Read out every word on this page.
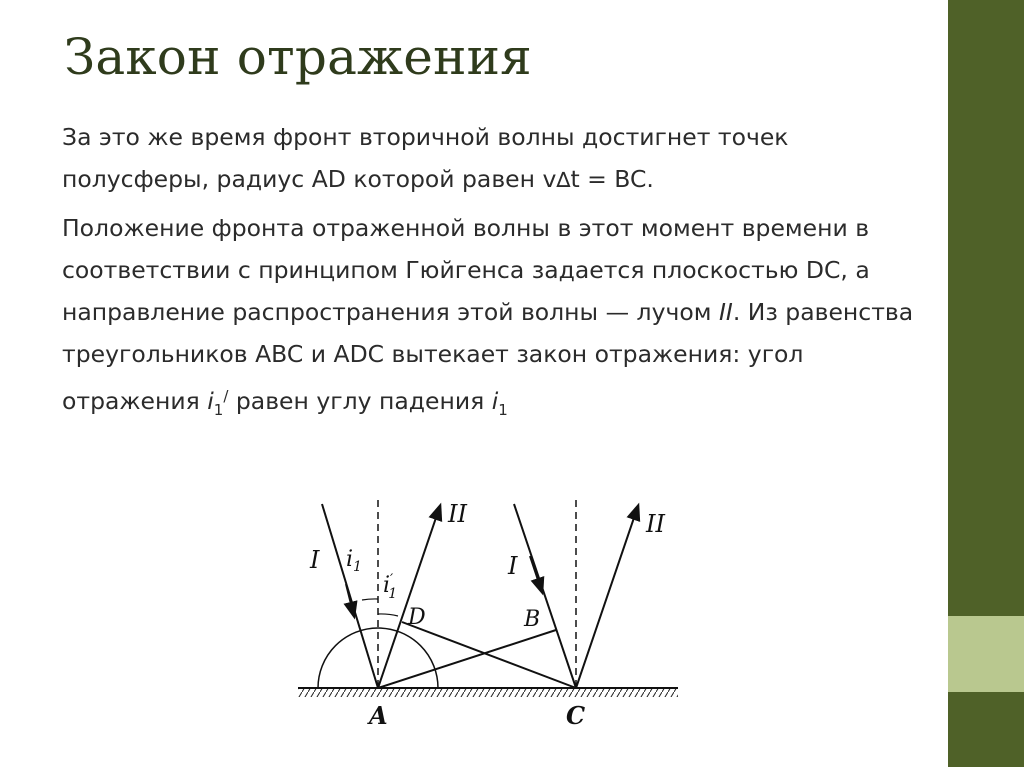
Закон отражения

За это же время фронт вторичной волны достигнет точек полусферы, радиус AD которой равен v∆t = BC.

Положение фронта отраженной волны в этот момент времени в соответствии с принципом Гюйгенса задается плоскостью DC, а направление распространения этой волны — лучом II. Из равенства треугольников ABC и ADC вытекает закон отражения: угол отражения $i_1^/$ равен углу падения $i_1$

I $i_1$
i′ 1
D
II
I
B
II
A	C
